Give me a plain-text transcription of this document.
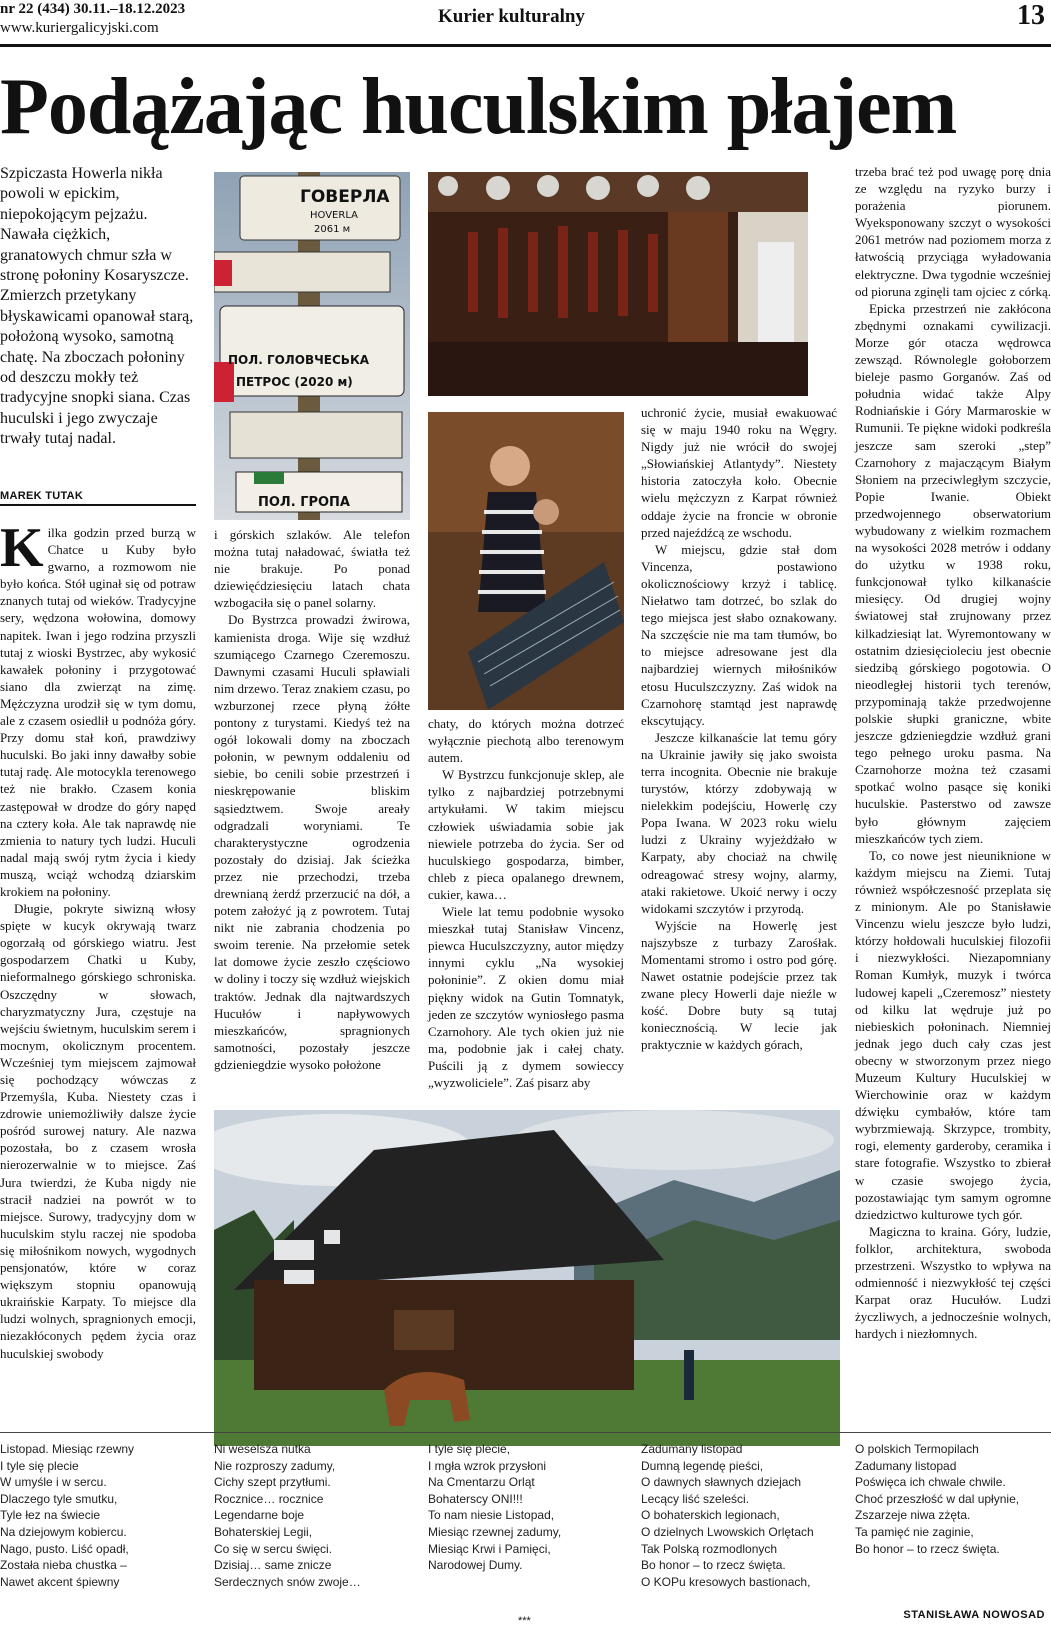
nr 22 (434) 30.11.–18.12.2023
www.kuriergalicyjski.com
Kurier kulturalny	13
Podążając huculskim płajem
Szpiczasta Howerla nikła powoli w epickim, niepokojącym pejzażu. Nawała ciężkich, granatowych chmur szła w stronę połoniny Kosaryszcze. Zmierzch przetykany błyskawicami opanował starą, położoną wysoko, samotną chatę. Na zboczach połoniny od deszczu mokły też tradycyjne snopki siana. Czas huculski i jego zwyczaje trwały tutaj nadal.
MAREK TUTAK

Kilka godzin przed burzą w Chatce u Kuby było gwarno, a rozmowom nie było końca. Stół uginał się od potraw znanych tutaj od wieków. Tradycyjne sery, wędzona wołowina, domowy napitek. Iwan i jego rodzina przyszli tutaj z wioski Bystrzec, aby wykosić kawałek połoniny i przygotować siano dla zwierząt na zimę. Mężczyzna urodził się w tym domu, ale z czasem osiedlił u podnóża góry. Przy domu stał koń, prawdziwy huculski. Bo jaki inny dawałby sobie tutaj radę. Ale motocykla terenowego też nie brakło. Czasem konia zastępował w drodze do góry napęd na cztery koła. Ale tak naprawdę nie zmienia to natury tych ludzi. Huculi nadal mają swój rytm życia i kiedy muszą, wciąż wchodzą dziarskim krokiem na połoniny.

Długie, pokryte siwizną włosy spięte w kucyk okrywają twarz ogorzałą od górskiego wiatru. Jest gospodarzem Chatki u Kuby, nieformalnego górskiego schroniska. Oszczędny w słowach, charyzmatyczny Jura, częstuje na wejściu świetnym, huculskim serem i mocnym, okolicznym procentem. Wcześniej tym miejscem zajmował się pochodzący wówczas z Przemyśla, Kuba. Niestety czas i zdrowie uniemożliwiły dalsze życie pośród surowej natury. Ale nazwa pozostała, bo z czasem wrosła nierozerwalnie w to miejsce. Zaś Jura twierdzi, że Kuba nigdy nie stracił nadziei na powrót w to miejsce. Surowy, tradycyjny dom w huculskim stylu raczej nie spodoba się miłośnikom nowych, wygodnych pensjonatów, które w coraz większym stopniu opanowują ukraińskie Karpaty. To miejsce dla ludzi wolnych, spragnionych emocji, niezakłóconych pędem życia oraz huculskiej swobody

ГОВЕРЛА
HOVERLA
2061 м
ПОЛ. ГОЛОВЧЕСЬКА
ПЕТРОС (2020 м)
ПОЛ. ГРОПА

i górskich szlaków. Ale telefon można tutaj naładować, światła też nie brakuje. Po ponad dziewięćdziesięciu latach chata wzbogaciła się o panel solarny.

Do Bystrzca prowadzi żwirowa, kamienista droga. Wije się wzdłuż szumiącego Czarnego Czeremoszu. Dawnymi czasami Huculi spławiali nim drzewo. Teraz znakiem czasu, po wzburzonej rzece płyną żółte pontony z turystami. Kiedyś też na ogół lokowali domy na zboczach połonin, w pewnym oddaleniu od siebie, bo cenili sobie przestrzeń i nieskrępowanie bliskim sąsiedztwem. Swoje areały odgradzali woryniami. Te charakterystyczne ogrodzenia pozostały do dzisiaj. Jak ścieżka przez nie przechodzi, trzeba drewnianą żerdź przerzucić na dół, a potem założyć ją z powrotem. Tutaj nikt nie zabrania chodzenia po swoim terenie. Na przełomie setek lat domowe życie zeszło częściowo w doliny i toczy się wzdłuż wiejskich traktów. Jednak dla najtwardszych Hucułów i napływowych mieszkańców, spragnionych samotności, pozostały jeszcze gdzieniegdzie wysoko położone

chaty, do których można dotrzeć wyłącznie piechotą albo terenowym autem.

W Bystrzcu funkcjonuje sklep, ale tylko z najbardziej potrzebnymi artykułami. W takim miejscu człowiek uświadamia sobie jak niewiele potrzeba do życia. Ser od huculskiego gospodarza, bimber, chleb z pieca opalanego drewnem, cukier, kawa…

Wiele lat temu podobnie wysoko mieszkał tutaj Stanisław Vincenz, piewca Huculszczyzny, autor między innymi cyklu „Na wysokiej połoninie”. Z okien domu miał piękny widok na Gutin Tomnatyk, jeden ze szczytów wyniosłego pasma Czarnohory. Ale tych okien już nie ma, podobnie jak i całej chaty. Puścili ją z dymem sowieccy „wyzwoliciele”. Zaś pisarz aby

uchronić życie, musiał ewakuować się w maju 1940 roku na Węgry. Nigdy już nie wrócił do swojej „Słowiańskiej Atlantydy”. Niestety historia zatoczyła koło. Obecnie wielu mężczyzn z Karpat również oddaje życie na froncie w obronie przed najeźdźcą ze wschodu.

W miejscu, gdzie stał dom Vincenza, postawiono okolicznościowy krzyż i tablicę. Niełatwo tam dotrzeć, bo szlak do tego miejsca jest słabo oznakowany. Na szczęście nie ma tam tłumów, bo to miejsce adresowane jest dla najbardziej wiernych miłośników etosu Huculszczyzny. Zaś widok na Czarnohorę stamtąd jest naprawdę ekscytujący.

Jeszcze kilkanaście lat temu góry na Ukrainie jawiły się jako swoista terra incognita. Obecnie nie brakuje turystów, którzy zdobywają w nielekkim podejściu, Howerlę czy Popa Iwana. W 2023 roku wielu ludzi z Ukrainy wyjeżdżało w Karpaty, aby chociaż na chwilę odreagować stresy wojny, alarmy, ataki rakietowe. Ukoić nerwy i oczy widokami szczytów i przyrodą.

Wyjście na Howerlę jest najszybsze z turbazy Zarośłak. Momentami stromo i ostro pod górę. Nawet ostatnie podejście przez tak zwane plecy Howerli daje nieźle w kość. Dobre buty są tutaj koniecznością. W lecie jak praktycznie w każdych górach,

trzeba brać też pod uwagę porę dnia ze względu na ryzyko burzy i porażenia piorunem. Wyeksponowany szczyt o wysokości 2061 metrów nad poziomem morza z łatwością przyciąga wyładowania elektryczne. Dwa tygodnie wcześniej od pioruna zginęli tam ojciec z córką.

Epicka przestrzeń nie zakłócona zbędnymi oznakami cywilizacji. Morze gór otacza wędrowca zewsząd. Równolegle gołoborzem bieleje pasmo Gorganów. Zaś od południa widać także Alpy Rodniańskie i Góry Marmaroskie w Rumunii. Te piękne widoki podkreśla jeszcze sam szeroki „step” Czarnohory z majaczącym Białym Słoniem na przeciwległym szczycie, Popie Iwanie. Obiekt przedwojennego obserwatorium wybudowany z wielkim rozmachem na wysokości 2028 metrów i oddany do użytku w 1938 roku, funkcjonował tylko kilkanaście miesięcy. Od drugiej wojny światowej stał zrujnowany przez kilkadziesiąt lat. Wyremontowany w ostatnim dziesięcioleciu jest obecnie siedzibą górskiego pogotowia. O nieodległej historii tych terenów, przypominają także przedwojenne polskie słupki graniczne, wbite jeszcze gdzieniegdzie wzdłuż grani tego pełnego uroku pasma. Na Czarnohorze można też czasami spotkać wolno pasące się koniki huculskie. Pasterstwo od zawsze było głównym zajęciem mieszkańców tych ziem.

To, co nowe jest nieuniknione w każdym miejscu na Ziemi. Tutaj również współczesność przeplata się z minionym. Ale po Stanisławie Vincenzu wielu jeszcze było ludzi, którzy hołdowali huculskiej filozofii i niezwykłości. Niezapomniany Roman Kumłyk, muzyk i twórca ludowej kapeli „Czeremosz” niestety od kilku lat wędruje już po niebieskich połoninach. Niemniej jednak jego duch cały czas jest obecny w stworzonym przez niego Muzeum Kultury Huculskiej w Wierchowinie oraz w każdym dźwięku cymbałów, które tam wybrzmiewają. Skrzypce, trombity, rogi, elementy garderoby, ceramika i stare fotografie. Wszystko to zbierał w czasie swojego życia, pozostawiając tym samym ogromne dziedzictwo kulturowe tych gór.

Magiczna to kraina. Góry, ludzie, folklor, architektura, swoboda przestrzeni. Wszystko to wpływa na odmienność i niezwykłość tej części Karpat oraz Hucułów. Ludzi życzliwych, a jednocześnie wolnych, hardych i niezłomnych.

Listopad. Miesiąc rzewny
I tyle się plecie
W umyśle i w sercu.
Dlaczego tyle smutku,
Tyle łez na świecie
Na dziejowym kobiercu.
Nago, pusto. Liść opadł,
Została nieba chustka –
Nawet akcent śpiewny
Ni weselsza nutka
Nie rozproszy zadumy,
Cichy szept przytłumi.
Rocznice… rocznice
Legendarne boje
Bohaterskiej Legii,
Co się w sercu święci.
Dzisiaj… same znicze
Serdecznych snów zwoje…
I tyle się plecie,
I mgła wzrok przysłoni
Na Cmentarzu Orląt
Bohaterscy ONI!!!
To nam niesie Listopad,
Miesiąc rzewnej zadumy,
Miesiąc Krwi i Pamięci,
Narodowej Dumy.
Zadumany listopad
Dumną legendę pieści,
O dawnych sławnych dziejach
Lecący liść szeleści.
O bohaterskich legionach,
O dzielnych Lwowskich Orlętach
Tak Polską rozmodlonych
Bo honor – to rzecz święta.
O KOPu kresowych bastionach,
O polskich Termopilach
Zadumany listopad
Poświęca ich chwale chwile.
Choć przeszłość w dal upłynie,
Zszarzeje niwa zżęta.
Ta pamięć nie zaginie,
Bo honor – to rzecz święta.
***	STANISŁAWA NOWOSAD
